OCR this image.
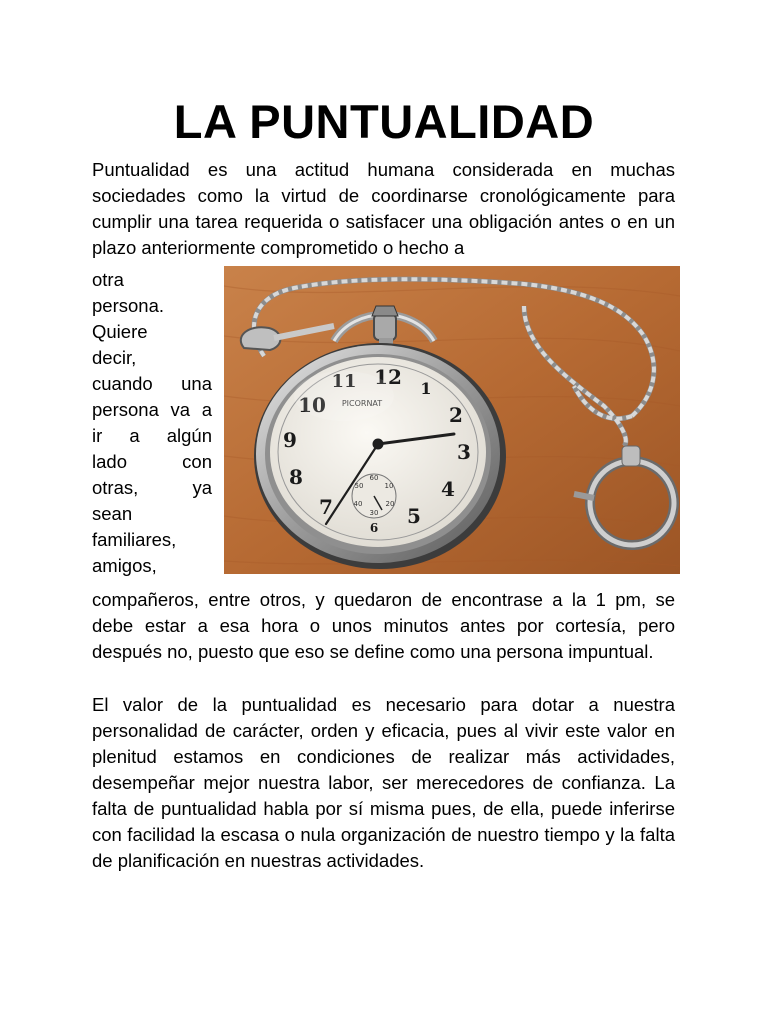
LA PUNTUALIDAD

Puntualidad es una actitud humana considerada en muchas sociedades como la virtud de coordinarse cronológicamente para cumplir una tarea requerida o satisfacer una obligación antes o en un plazo anteriormente comprometido o hecho a

otra
persona.
Quiere
decir,
cuando una
persona va a
ir a algún
lado con
otras, ya
sean
familiares,
amigos,
12 1
2
3
4
5
6
7
8
9
10
11
PICORNAT
60
10
20
30
40
50

compañeros, entre otros, y quedaron de encontrase a la 1 pm, se debe estar a esa hora o unos minutos antes por cortesía, pero después no, puesto que eso se define como una persona impuntual.

El valor de la puntualidad es necesario para dotar a nuestra personalidad de carácter, orden y eficacia, pues al vivir este valor en plenitud estamos en condiciones de realizar más actividades, desempeñar mejor nuestra labor, ser merecedores de confianza. La falta de puntualidad habla por sí misma pues, de ella, puede inferirse con facilidad la escasa o nula organización de nuestro tiempo y la falta de planificación en nuestras actividades.
